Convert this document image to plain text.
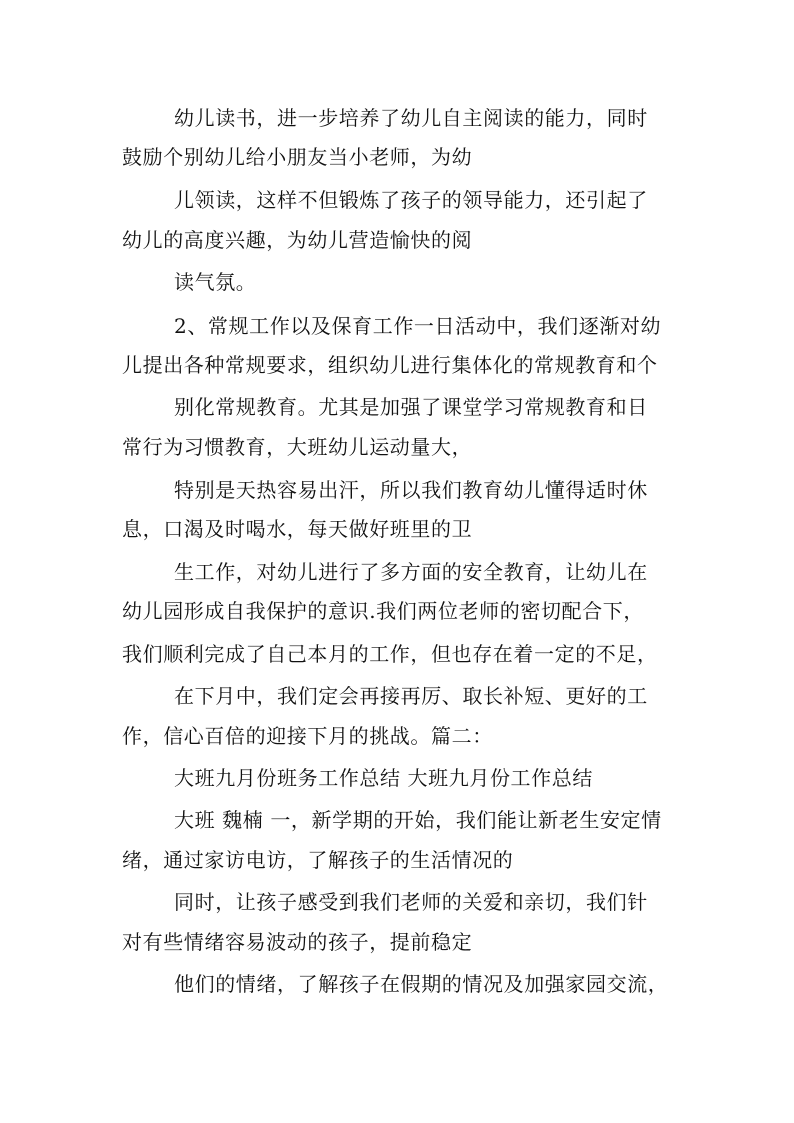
幼儿读书，进一步培养了幼儿自主阅读的能力，同时

鼓励个别幼儿给小朋友当小老师，为幼

儿领读，这样不但锻炼了孩子的领导能力，还引起了

幼儿的高度兴趣，为幼儿营造愉快的阅

读气氛。

2、常规工作以及保育工作一日活动中，我们逐渐对幼

儿提出各种常规要求，组织幼儿进行集体化的常规教育和个

别化常规教育。尤其是加强了课堂学习常规教育和日

常行为习惯教育，大班幼儿运动量大，

特别是天热容易出汗，所以我们教育幼儿懂得适时休

息，口渴及时喝水，每天做好班里的卫

生工作，对幼儿进行了多方面的安全教育，让幼儿在

幼儿园形成自我保护的意识.我们两位老师的密切配合下，

我们顺利完成了自己本月的工作，但也存在着一定的不足，

在下月中，我们定会再接再厉、取长补短、更好的工

作，信心百倍的迎接下月的挑战。篇二：

大班九月份班务工作总结 大班九月份工作总结

大班 魏楠 一，新学期的开始，我们能让新老生安定情

绪，通过家访电访，了解孩子的生活情况的

同时，让孩子感受到我们老师的关爱和亲切，我们针

对有些情绪容易波动的孩子，提前稳定

他们的情绪，了解孩子在假期的情况及加强家园交流，
